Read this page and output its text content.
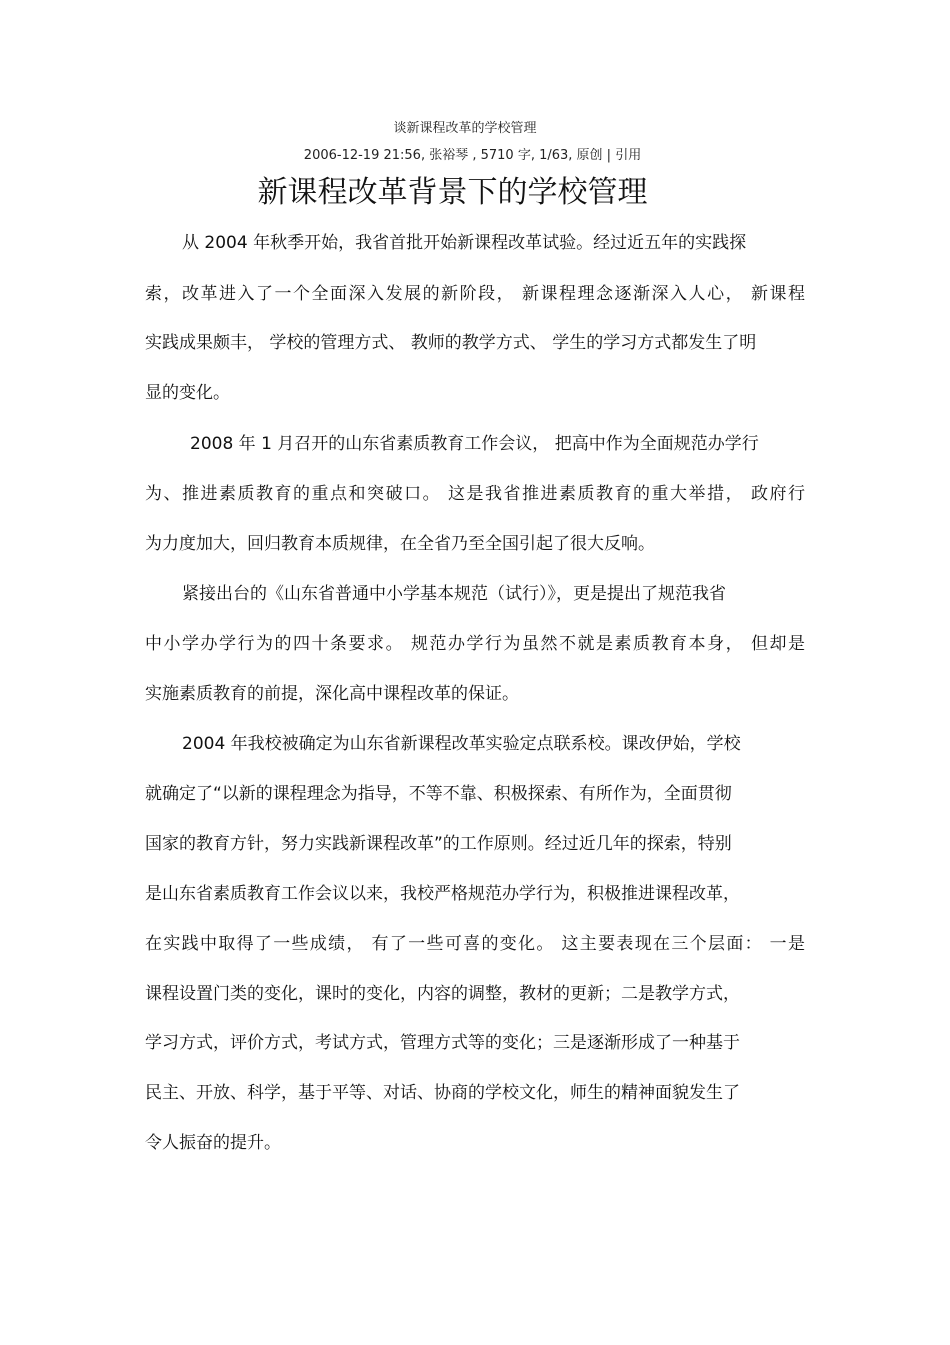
谈新课程改革的学校管理
2006-12-19 21:56, 张裕琴 , 5710 字, 1/63, 原创 | 引用
新课程改革背景下的学校管理
从 2004 年秋季开始，我省首批开始新课程改革试验。经过近五年的实践探
索，改革进入了一个全面深入发展的新阶段， 新课程理念逐渐深入人心， 新课程
实践成果颇丰， 学校的管理方式、 教师的教学方式、 学生的学习方式都发生了明
显的变化。
2008 年 1 月召开的山东省素质教育工作会议， 把高中作为全面规范办学行
为、推进素质教育的重点和突破口。 这是我省推进素质教育的重大举措， 政府行
为力度加大，回归教育本质规律，在全省乃至全国引起了很大反响。
紧接出台的《山东省普通中小学基本规范（试行）》，更是提出了规范我省
中小学办学行为的四十条要求。 规范办学行为虽然不就是素质教育本身， 但却是
实施素质教育的前提，深化高中课程改革的保证。
2004 年我校被确定为山东省新课程改革实验定点联系校。课改伊始，学校
就确定了“以新的课程理念为指导，不等不靠、积极探索、有所作为，全面贯彻
国家的教育方针，努力实践新课程改革”的工作原则。经过近几年的探索，特别
是山东省素质教育工作会议以来，我校严格规范办学行为，积极推进课程改革，
在实践中取得了一些成绩， 有了一些可喜的变化。 这主要表现在三个层面： 一是
课程设置门类的变化，课时的变化，内容的调整，教材的更新；二是教学方式，
学习方式，评价方式，考试方式，管理方式等的变化；三是逐渐形成了一种基于
民主、开放、科学，基于平等、对话、协商的学校文化，师生的精神面貌发生了
令人振奋的提升。
